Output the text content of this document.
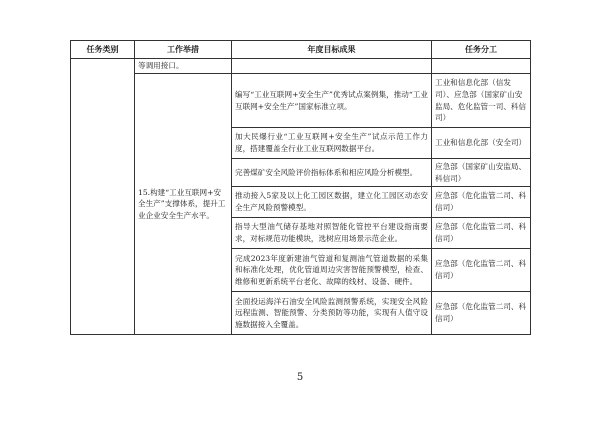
任务类别	工作举措	年度目标成果	任务分工
	等调用接口。		
	15.构建“工业互联网+安全生产”支撑体系，提升工业企业安全生产水平。	编写“工业互联网+安全生产”优秀试点案例集，推动“工业互联网+安全生产”国家标准立项。	工业和信息化部（信发司）、应急部（国家矿山安监局、危化监管一司、科信司）
		加大民爆行业“工业互联网+安全生产”试点示范工作力度，搭建覆盖全行业工业互联网数据平台。	工业和信息化部（安全司）
		完善煤矿安全风险评价指标体系和相应风险分析模型。	应急部（国家矿山安监局、科信司）
		推动接入5家及以上化工园区数据，建立化工园区动态安全生产风险预警模型。	应急部（危化监管二司、科信司）
		指导大型油气储存基地对照智能化管控平台建设指南要求，对标规范功能模块，选树应用场景示范企业。	应急部（危化监管二司、科信司）
		完成2023年度新建油气管道和复测油气管道数据的采集和标准化处理，优化管道周边灾害智能预警模型，检查、维修和更新系统平台老化、故障的线材、设备、硬件。	应急部（危化监管二司、科信司）
		全面投运海洋石油安全风险监测预警系统，实现安全风险远程监测、智能预警、分类预防等功能，实现有人值守设施数据接入全覆盖。	应急部（危化监管二司、科信司）
5
